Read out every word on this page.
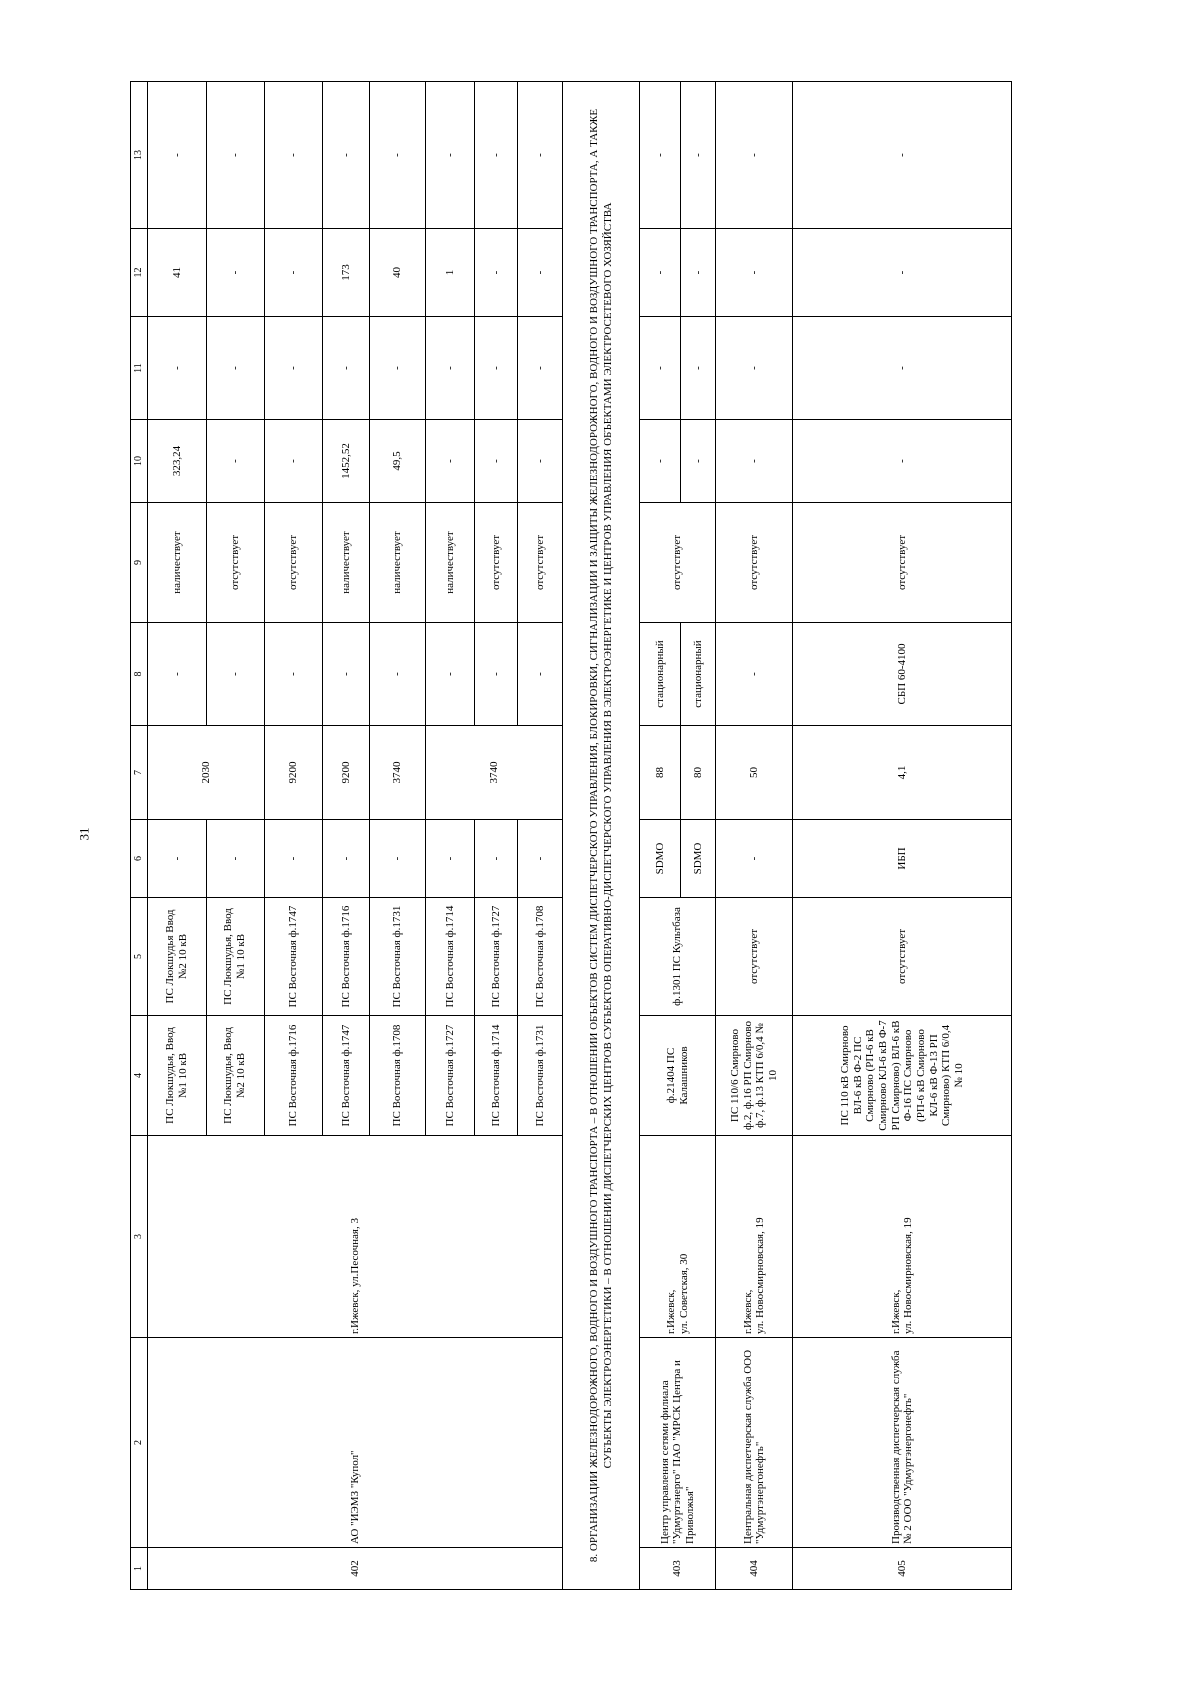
31
1	2	3	4	5	6	7	8	9	10	11	12	13
402	АО "ИЭМЗ "Купол"	г.Ижевск, ул.Песочная, 3	ПС Люкшудья, Ввод №1 10 кВ	ПС Люкшудья Ввод №2 10 кВ	-	2030	-	наличествует	323,24	-	41	-
			ПС Люкшудья, Ввод №2 10 кВ	ПС Люкшудья, Ввод №1 10 кВ	-		-	отсутствует	-	-	-	-
			ПС Восточная ф.1716	ПС Восточная ф.1747	-	9200	-	отсутствует	-	-	-	-
			ПС Восточная ф.1747	ПС Восточная ф.1716	-	9200	-	наличествует	1452,52	-	173	-
			ПС Восточная ф.1708	ПС Восточная ф.1731	-	3740	-	наличествует	49,5	-	40	-
			ПС Восточная ф.1727	ПС Восточная ф.1714	-	3740	-	наличествует	-	-	1	-
			ПС Восточная ф.1714	ПС Восточная ф.1727	-		-	отсутствует	-	-	-	-
			ПС Восточная ф.1731	ПС Восточная ф.1708	-		-	отсутствует	-	-	-	-
8. ОРГАНИЗАЦИИ ЖЕЛЕЗНОДОРОЖНОГО, ВОДНОГО И ВОЗДУШНОГО ТРАНСПОРТА – В ОТНОШЕНИИ ОБЪЕКТОВ СИСТЕМ ДИСПЕТЧЕРСКОГО УПРАВЛЕНИЯ, БЛОКИРОВКИ, СИГНАЛИЗАЦИИ И ЗАЩИТЫ ЖЕЛЕЗНОДОРОЖНОГО, ВОДНОГО И ВОЗДУШНОГО ТРАНСПОРТА, А ТАКЖЕ СУБЪЕКТЫ ЭЛЕКТРОЭНЕРГЕТИКИ – В ОТНОШЕНИИ ДИСПЕТЧЕРСКИХ ЦЕНТРОВ СУБЪЕКТОВ ОПЕРАТИВНО-ДИСПЕТЧЕРСКОГО УПРАВЛЕНИЯ В ЭЛЕКТРОЭНЕРГЕТИКЕ И ЦЕНТРОВ УПРАВЛЕНИЯ ОБЪЕКТАМИ ЭЛЕКТРОСЕТЕВОГО ХОЗЯЙСТВА												
403	Центр управления сетями филиала "Удмуртэнерго" ПАО "МРСК Центра и Приволжья"	г.Ижевск,
ул. Советская, 30	ф.21404 ПС Калашников	ф.1301 ПС Культбаза	SDMO	88	стационарный	отсутствует	-	-	-	-
					SDMO	80	стационарный		-	-	-	-
404	Центральная диспетчерская служба ООО "Удмуртэнергонефть"	г.Ижевск,
ул. Новосмирновская, 19	ПС 110/6 Смирново ф.2, ф.16 РП Смирново ф.7, ф.13 КТП 6/0,4 № 10	отсутствует	-	50	-	отсутствует	-	-	-	-
405	Производственная диспетчерская служба № 2 ООО "Удмуртэнергонефть"	г.Ижевск,
ул. Новосмирновская, 19	ПС 110 кВ Смирново ВЛ-6 кВ Ф-2 ПС Смирново (РП-6 кВ Смирново КЛ-6 кВ Ф-7 РП Смирново) ВЛ-6 кВ Ф-16 ПС Смирново (РП-6 кВ Смирново КЛ-6 кВ Ф-13 РП Смирново) КТП 6/0,4 № 10	отсутствует	ИБП	4,1	СБП 60-4100	отсутствует	-	-	-	-
